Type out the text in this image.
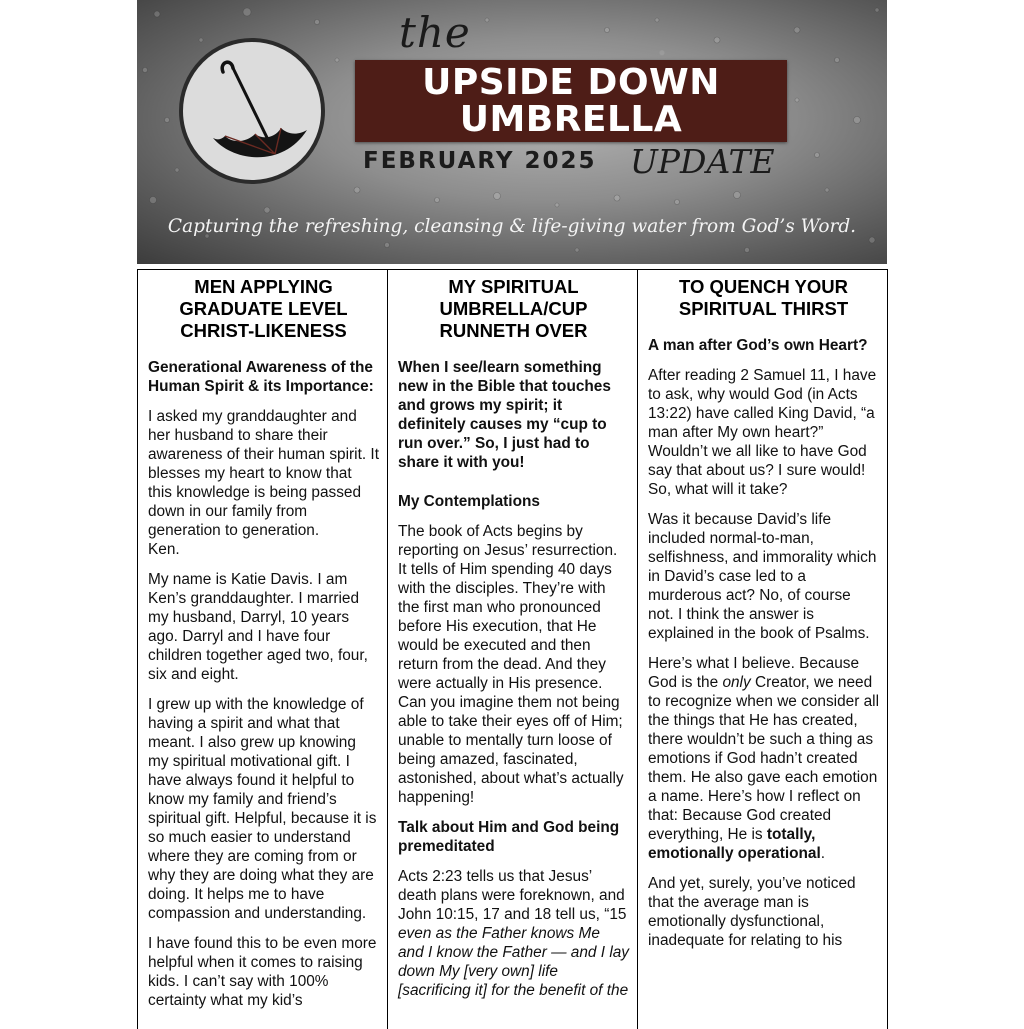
the
UPSIDE DOWN
UMBRELLA
FEBRUARY 2025 UPDATE
Capturing the refreshing, cleansing & life-giving water from God’s Word.
MEN APPLYING GRADUATE LEVEL CHRIST-LIKENESS

Generational Awareness of the Human Spirit & its Importance:

I asked my granddaughter and her husband to share their awareness of their human spirit. It blesses my heart to know that this knowledge is being passed down in our family from generation to generation.

Ken.

My name is Katie Davis. I am Ken’s granddaughter. I married my husband, Darryl, 10 years ago. Darryl and I have four children together aged two, four, six and eight.

I grew up with the knowledge of having a spirit and what that meant. I also grew up knowing my spiritual motivational gift. I have always found it helpful to know my family and friend’s spiritual gift. Helpful, because it is so much easier to understand where they are coming from or why they are doing what they are doing. It helps me to have compassion and understanding.

I have found this to be even more helpful when it comes to raising kids. I can’t say with 100% certainty what my kid’s

MY SPIRITUAL UMBRELLA/CUP RUNNETH OVER

When I see/learn something new in the Bible that touches and grows my spirit; it definitely causes my “cup to run over.” So, I just had to share it with you!

My Contemplations

The book of Acts begins by reporting on Jesus’ resurrection. It tells of Him spending 40 days with the disciples. They’re with the first man who pronounced before His execution, that He would be executed and then return from the dead. And they were actually in His presence. Can you imagine them not being able to take their eyes off of Him; unable to mentally turn loose of being amazed, fascinated, astonished, about what’s actually happening!

Talk about Him and God being premeditated

Acts 2:23 tells us that Jesus’ death plans were foreknown, and John 10:15, 17 and 18 tell us, “15 even as the Father knows Me and I know the Father — and I lay down My [very own] life [sacrificing it] for the benefit of the

TO QUENCH YOUR SPIRITUAL THIRST

A man after God’s own Heart?

After reading 2 Samuel 11, I have to ask, why would God (in Acts 13:22) have called King David, “a man after My own heart?” Wouldn’t we all like to have God say that about us? I sure would! So, what will it take?

Was it because David’s life included normal-to-man, selfishness, and immorality which in David’s case led to a murderous act? No, of course not. I think the answer is explained in the book of Psalms.

Here’s what I believe. Because God is the only Creator, we need to recognize when we consider all the things that He has created, there wouldn’t be such a thing as emotions if God hadn’t created them. He also gave each emotion a name. Here’s how I reflect on that: Because God created everything, He is totally, emotionally operational.

And yet, surely, you’ve noticed that the average man is emotionally dysfunctional, inadequate for relating to his
